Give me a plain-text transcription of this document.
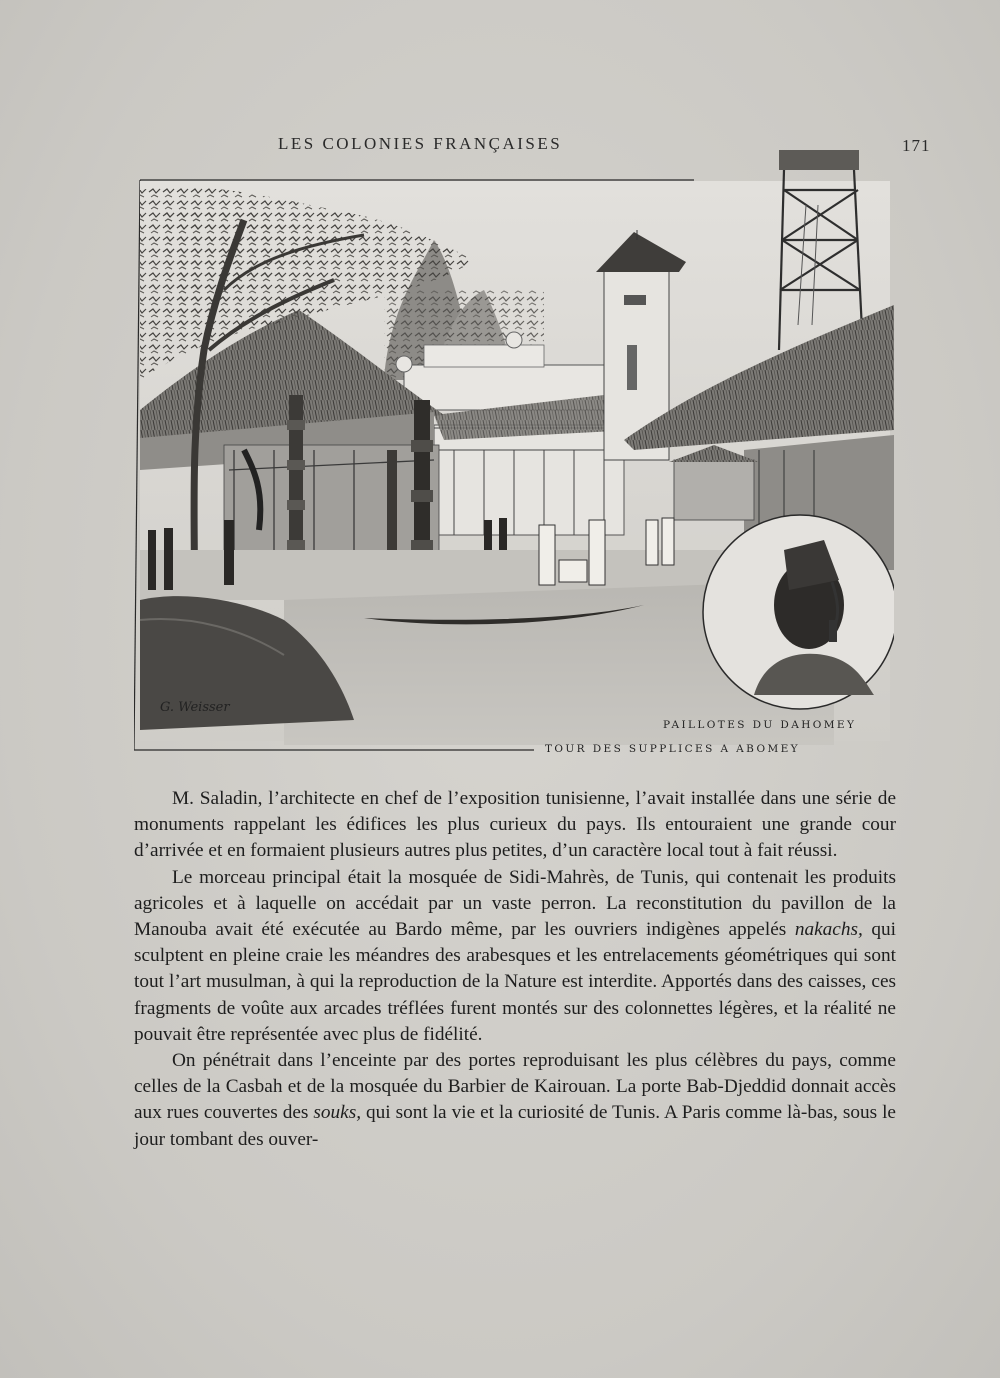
LES COLONIES FRANÇAISES	171
G. Weisser
PAILLOTES DU DAHOMEY
TOUR DES SUPPLICES A ABOMEY

M. Saladin, l’architecte en chef de l’exposition tunisienne, l’avait installée dans une série de monuments rappelant les édifices les plus curieux du pays. Ils entouraient une grande cour d’arrivée et en formaient plusieurs autres plus petites, d’un caractère local tout à fait réussi.

Le morceau principal était la mosquée de Sidi-Mahrès, de Tunis, qui contenait les produits agricoles et à laquelle on accédait par un vaste perron. La reconstitution du pavillon de la Manouba avait été exécutée au Bardo même, par les ouvriers indigènes appelés nakachs, qui sculptent en pleine craie les méandres des arabesques et les entrelacements géométriques qui sont tout l’art musulman, à qui la reproduction de la Nature est interdite. Apportés dans des caisses, ces fragments de voûte aux arcades tréflées furent montés sur des colonnettes légères, et la réalité ne pouvait être représentée avec plus de fidélité.

On pénétrait dans l’enceinte par des portes reproduisant les plus célèbres du pays, comme celles de la Casbah et de la mosquée du Barbier de Kairouan. La porte Bab-Djeddid donnait accès aux rues couvertes des souks, qui sont la vie et la curiosité de Tunis. A Paris comme là-bas, sous le jour tombant des ouver-
